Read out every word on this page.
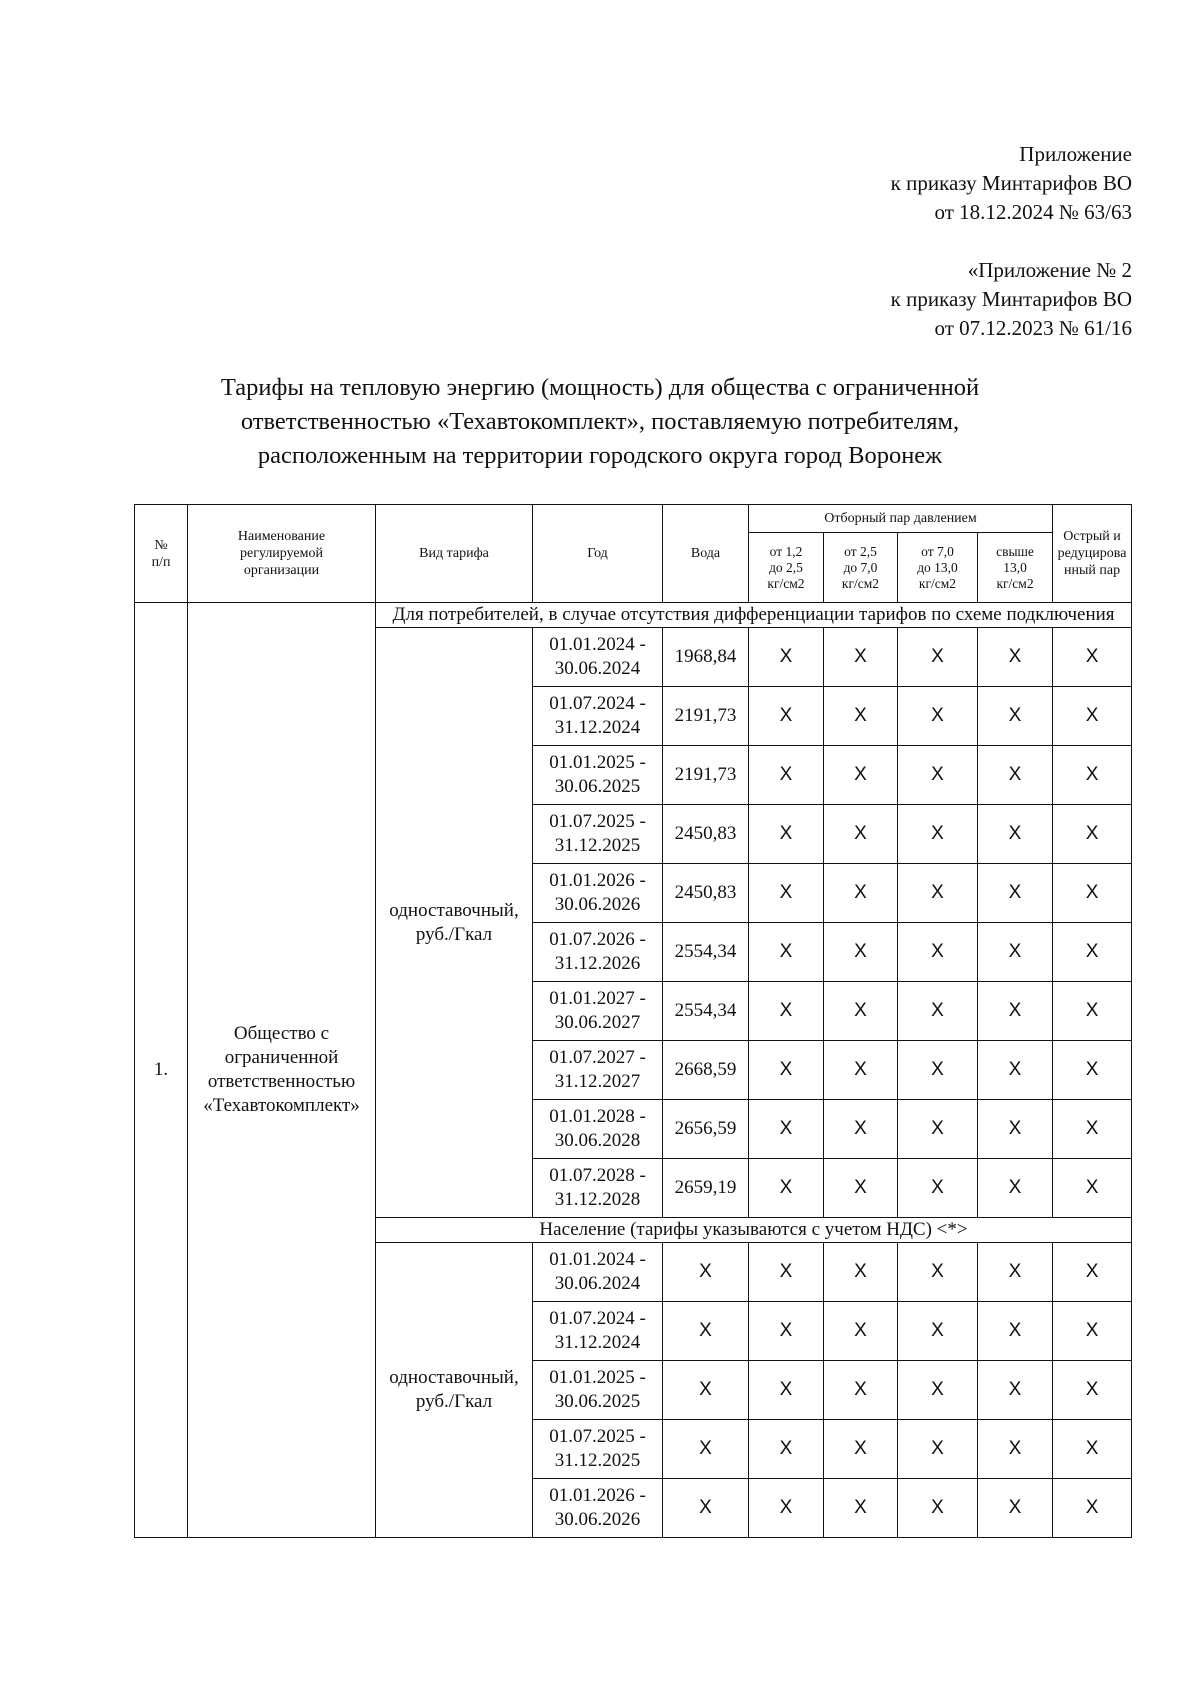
Приложение
к приказу Минтарифов ВО
от 18.12.2024 № 63/63
«Приложение № 2
к приказу Минтарифов ВО
от 07.12.2023 № 61/16
Тарифы на тепловую энергию (мощность) для общества с ограниченной
ответственностью «Техавтокомплект», поставляемую потребителям,
расположенным на территории городского округа город Воронеж
№
п/п	Наименование
регулируемой
организации	Вид тарифа	Год	Вода	Отборный пар давлением				Острый и
редуцирова
нный пар

					от 1,2
до 2,5
кг/см2	от 2,5
до 7,0
кг/см2	от 7,0
до 13,0
кг/см2	свыше
13,0
кг/см2	

1.	Общество с
ограниченной
ответственностью
«Техавтокомплект»	Для потребителей, в случае отсутствия дифференциации тарифов по схеме подключения							

		одноставочный,
руб./Гкал	01.01.2024 -
30.06.2024	1968,84	X	X	X	X	X

			01.07.2024 -
31.12.2024	2191,73	X	X	X	X	X

			01.01.2025 -
30.06.2025	2191,73	X	X	X	X	X

			01.07.2025 -
31.12.2025	2450,83	X	X	X	X	X

			01.01.2026 -
30.06.2026	2450,83	X	X	X	X	X

			01.07.2026 -
31.12.2026	2554,34	X	X	X	X	X

			01.01.2027 -
30.06.2027	2554,34	X	X	X	X	X

			01.07.2027 -
31.12.2027	2668,59	X	X	X	X	X

			01.01.2028 -
30.06.2028	2656,59	X	X	X	X	X

			01.07.2028 -
31.12.2028	2659,19	X	X	X	X	X
		Население (тарифы указываются с учетом НДС) <*>							

		одноставочный,
руб./Гкал	01.01.2024 -
30.06.2024	X	X	X	X	X	X

			01.07.2024 -
31.12.2024	X	X	X	X	X	X

			01.01.2025 -
30.06.2025	X	X	X	X	X	X

			01.07.2025 -
31.12.2025	X	X	X	X	X	X

			01.01.2026 -
30.06.2026	X	X	X	X	X	X
